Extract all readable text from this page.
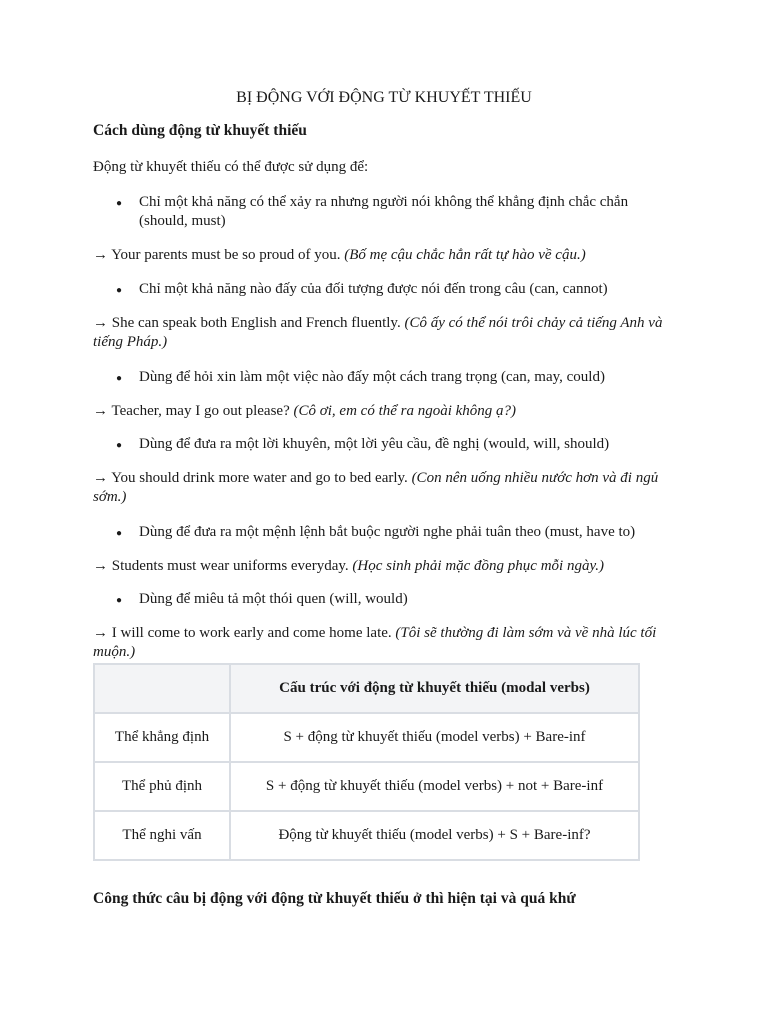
BỊ ĐỘNG VỚI ĐỘNG TỪ KHUYẾT THIẾU
Cách dùng động từ khuyết thiếu
Động từ khuyết thiếu có thể được sử dụng để:
● Chỉ một khả năng có thể xảy ra nhưng người nói không thể khẳng định chắc chắn (should, must)
→ Your parents must be so proud of you. (Bố mẹ cậu chắc hẳn rất tự hào về cậu.)
● Chỉ một khả năng nào đấy của đối tượng được nói đến trong câu (can, cannot)
→ She can speak both English and French fluently. (Cô ấy có thể nói trôi chảy cả tiếng Anh và tiếng Pháp.)
● Dùng để hỏi xin làm một việc nào đấy một cách trang trọng (can, may, could)
→ Teacher, may I go out please? (Cô ơi, em có thể ra ngoài không ạ?)
● Dùng để đưa ra một lời khuyên, một lời yêu cầu, đề nghị (would, will, should)
→ You should drink more water and go to bed early. (Con nên uống nhiều nước hơn và đi ngủ sớm.)
● Dùng để đưa ra một mệnh lệnh bắt buộc người nghe phải tuân theo (must, have to)
→ Students must wear uniforms everyday. (Học sinh phải mặc đồng phục mỗi ngày.)
● Dùng để miêu tả một thói quen (will, would)
→ I will come to work early and come home late. (Tôi sẽ thường đi làm sớm và về nhà lúc tối muộn.)
	Cấu trúc với động từ khuyết thiếu (modal verbs)
Thể khẳng định	S + động từ khuyết thiếu (model verbs) + Bare-inf
Thể phủ định	S + động từ khuyết thiếu (model verbs) + not + Bare-inf
Thể nghi vấn	Động từ khuyết thiếu (model verbs) + S + Bare-inf?
Công thức câu bị động với động từ khuyết thiếu ở thì hiện tại và quá khứ
